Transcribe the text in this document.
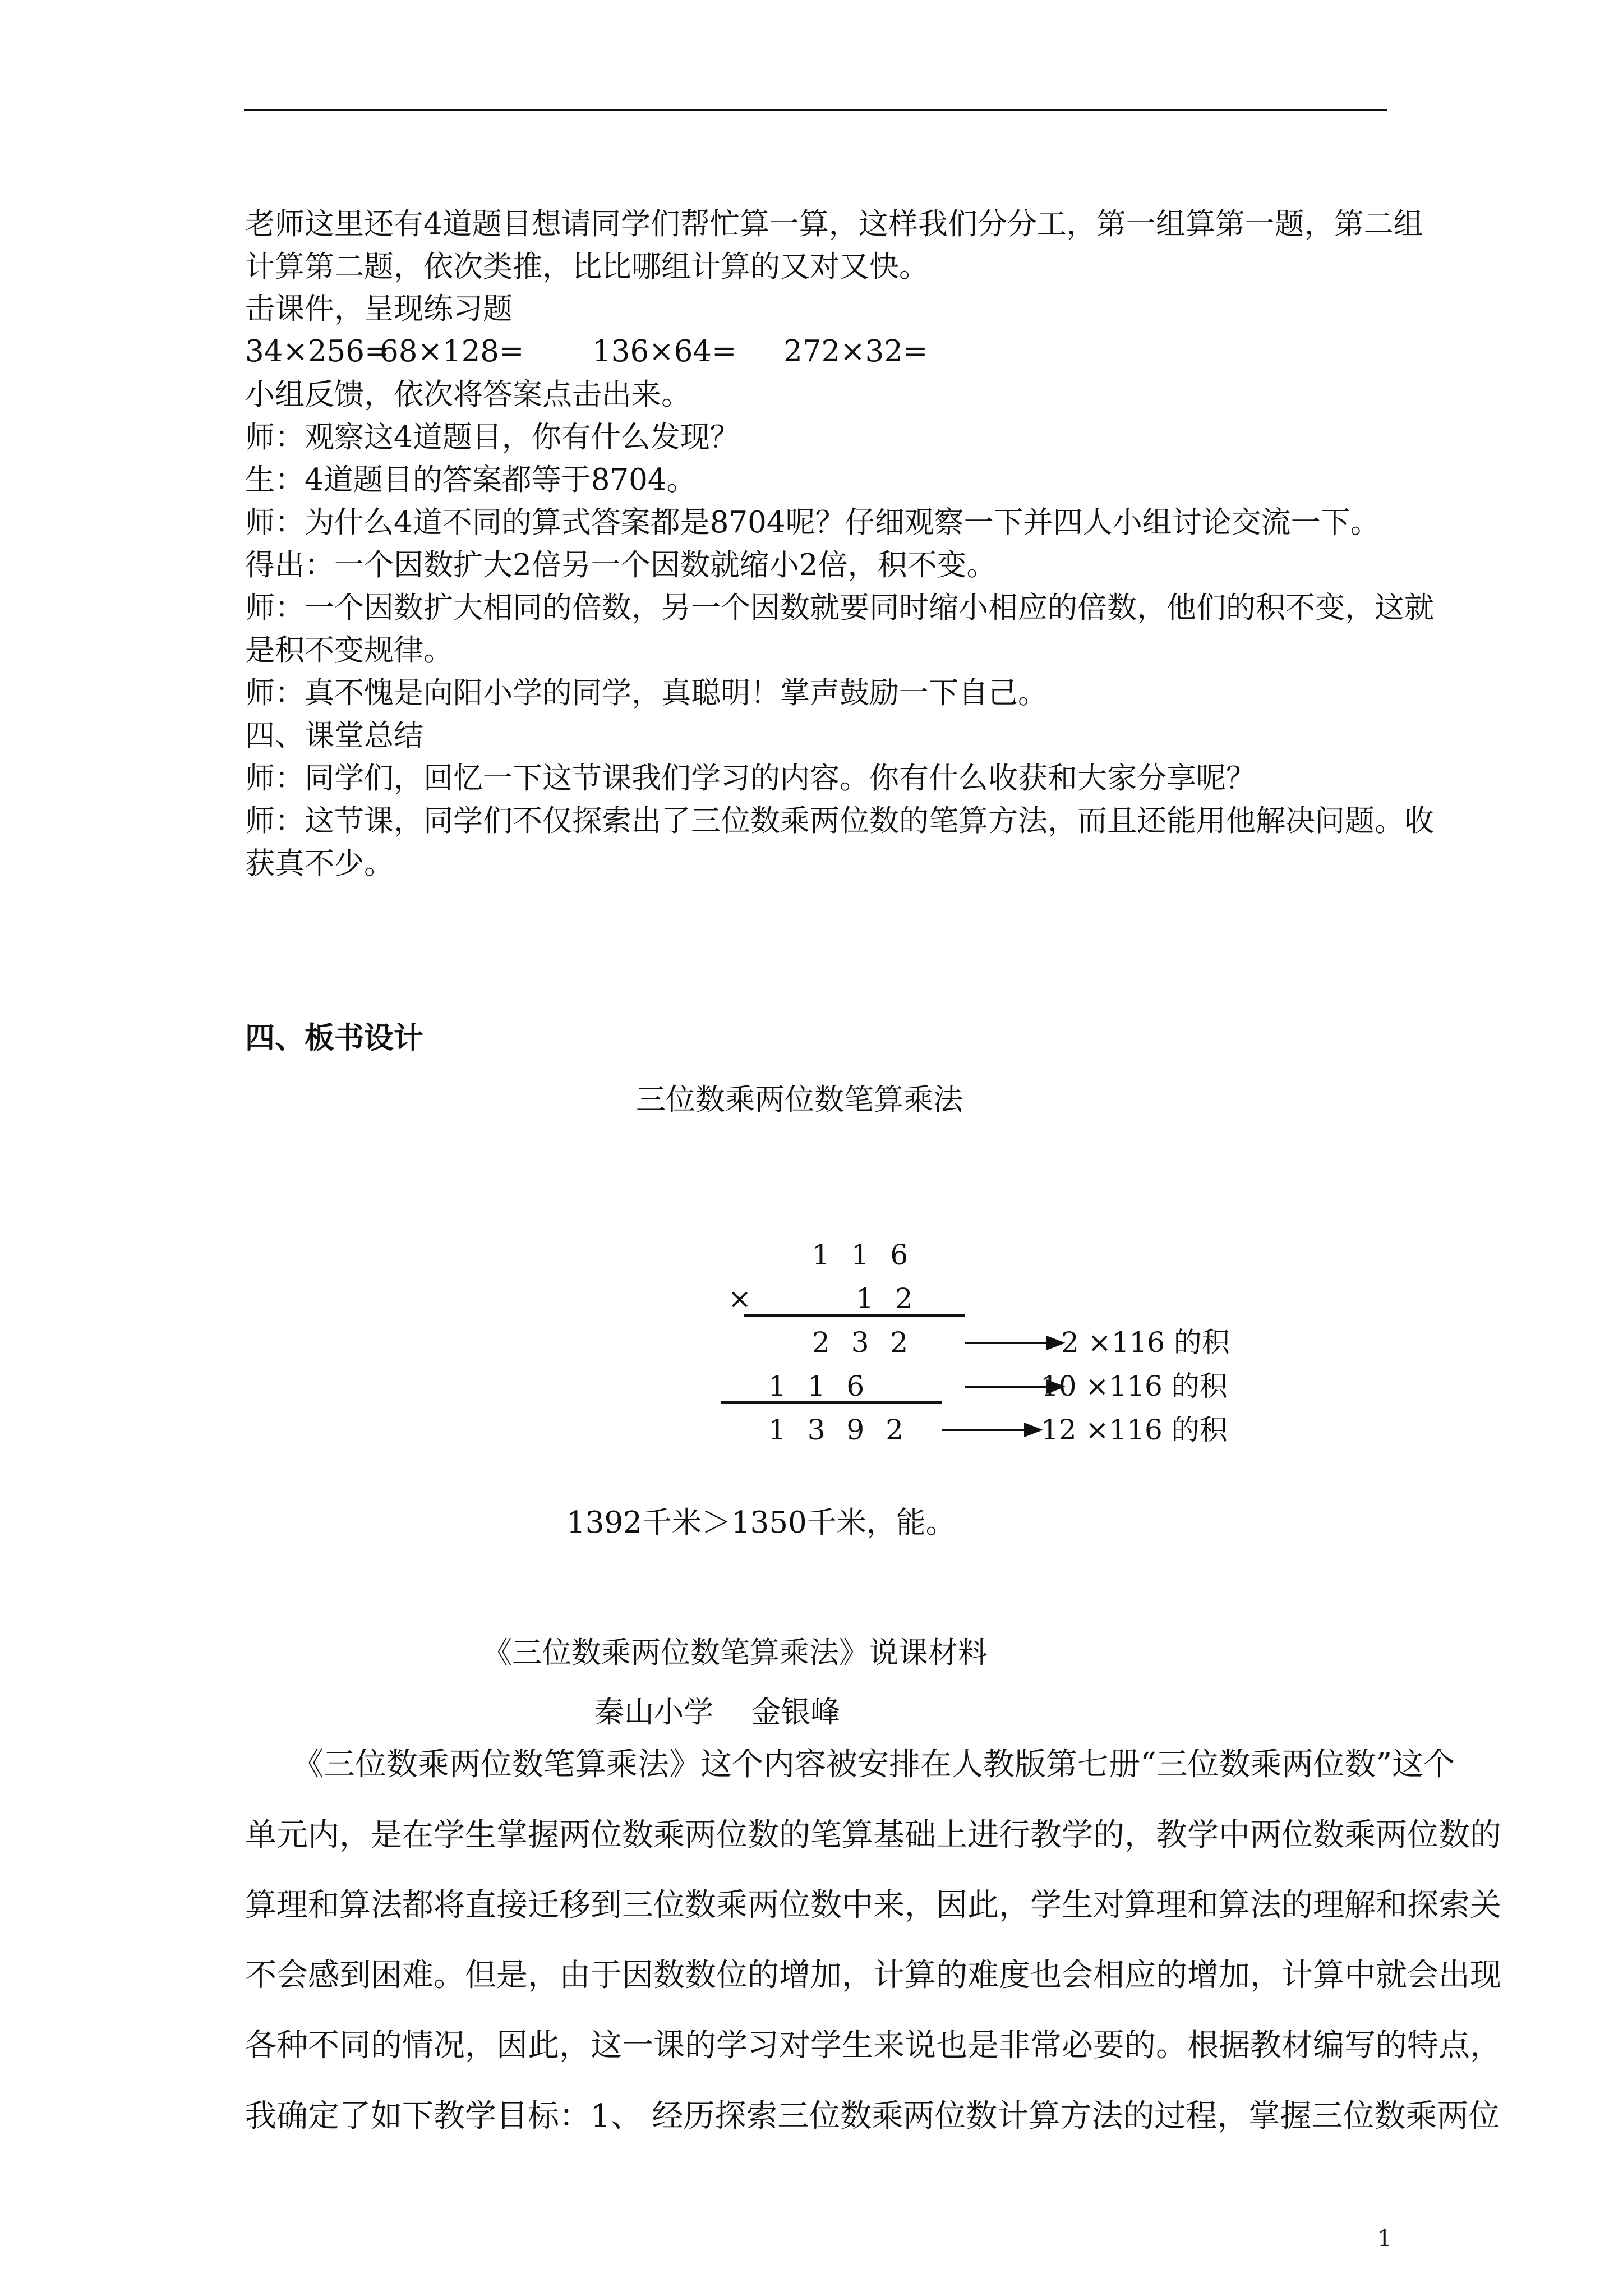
老师这里还有4道题目想请同学们帮忙算一算，这样我们分分工，第一组算第一题，第二组
计算第二题，依次类推，比比哪组计算的又对又快。
击课件，呈现练习题
34×256=
68×128= 136×64= 272×32=
小组反馈，依次将答案点击出来。
师：观察这4道题目，你有什么发现？
生：4道题目的答案都等于8704。
师：为什么4道不同的算式答案都是8704呢？仔细观察一下并四人小组讨论交流一下。
得出：一个因数扩大2倍另一个因数就缩小2倍，积不变。
师：一个因数扩大相同的倍数，另一个因数就要同时缩小相应的倍数，他们的积不变，这就
是积不变规律。
师：真不愧是向阳小学的同学，真聪明！掌声鼓励一下自己。
四、课堂总结
师：同学们，回忆一下这节课我们学习的内容。你有什么收获和大家分享呢？
师：这节课，同学们不仅探索出了三位数乘两位数的笔算方法，而且还能用他解决问题。收
获真不少。
四、板书设计
三位数乘两位数笔算乘法
1 1 6
×	1 2
2 3 2
1 1 6
1 3 9 2
2 ×116 的积
10 ×116 的积
12 ×116 的积
1392千米＞1350千米，能。
《三位数乘两位数笔算乘法》说课材料
秦山小学    金银峰
《三位数乘两位数笔算乘法》这个内容被安排在人教版第七册“三位数乘两位数”这个
单元内，是在学生掌握两位数乘两位数的笔算基础上进行教学的，教学中两位数乘两位数的
算理和算法都将直接迁移到三位数乘两位数中来，因此，学生对算理和算法的理解和探索关
不会感到困难。但是，由于因数数位的增加，计算的难度也会相应的增加，计算中就会出现
各种不同的情况，因此，这一课的学习对学生来说也是非常必要的。根据教材编写的特点，
我确定了如下教学目标：1、 经历探索三位数乘两位数计算方法的过程，掌握三位数乘两位
1
